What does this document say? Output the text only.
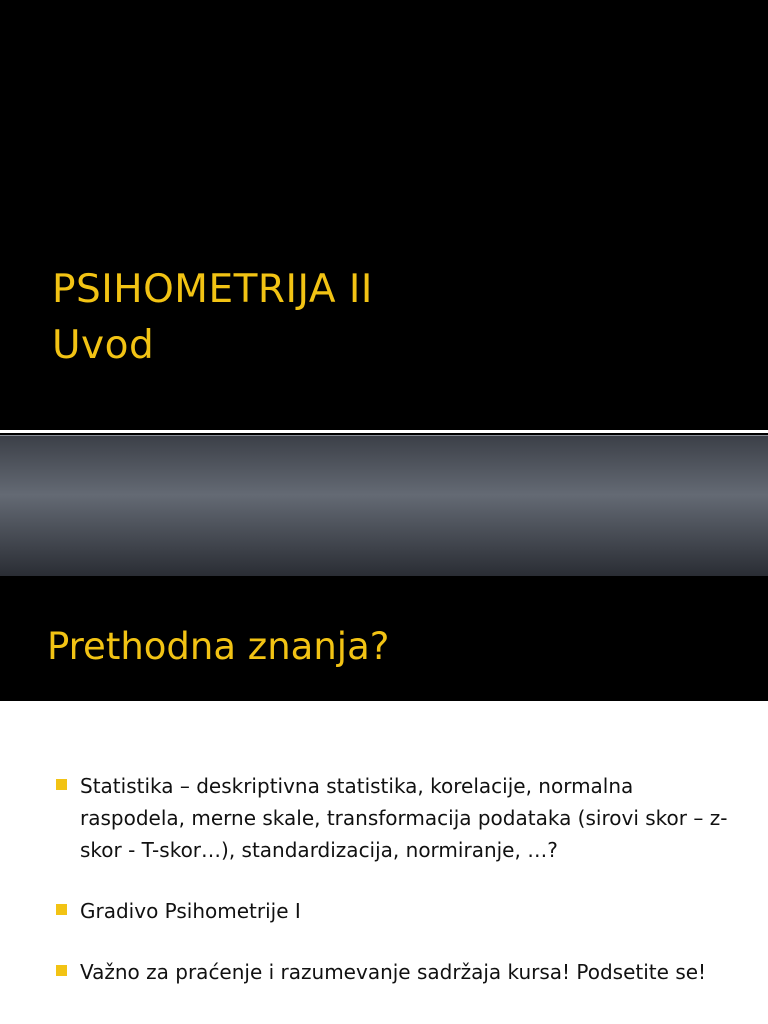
PSIHOMETRIJA II
Uvod
Prethodna znanja?
Statistika – deskriptivna statistika, korelacije, normalna raspodela, merne skale, transformacija podataka (sirovi skor – z-skor - T-skor…), standardizacija, normiranje, …?
Gradivo Psihometrije I
Važno za praćenje i razumevanje sadržaja kursa! Podsetite se!
